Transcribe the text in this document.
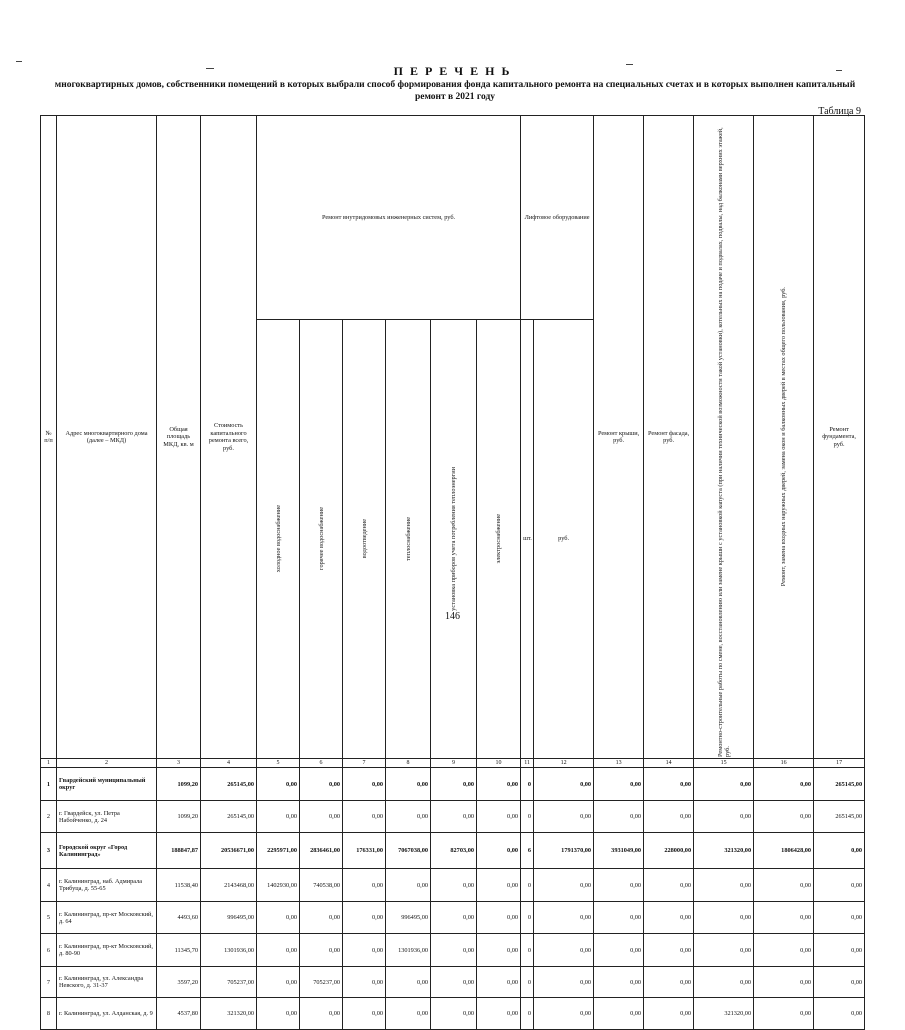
П Е Р Е Ч Е Н Ь
многоквартирных домов, собственники помещений в которых выбрали способ формирования фонда капитального ремонта на специальных счетах и в которых выполнен капитальный ремонт в 2021 году
Таблица 9
№ п/п	Адрес многоквартирного дома (далее – МКД)	Общая площадь МКД, кв. м	Стоимость капитального ремонта всего, руб.	Ремонт внутридомовых инженерных систем, руб.						Лифтовое оборудование		Ремонт крыши, руб.	Ремонт фасада, руб.	Ремонтно-строительные работы по смене, восстановлению или замене крыши с установкой капуста (при наличии технической возможности такой установки), котельных на подаче и подвалах, подвалы, над балконами верхних этажей, руб.	Ремонт, замена входных наружных дверей, замена окон и балконных дверей в местах общего пользования, руб.	Ремонт фундамента, руб.

				холодное водоснабжение	горячее водоснабжение	водоотведение	теплоснабжение	установка приборов учета потребления теплоэнергии	электроснабжение	шт.	руб.					
1	2	3	4	5	6	7	8	9	10	11	12	13	14	15	16	17
1	Гвардейский муниципальный округ	1099,20	265145,00	0,00	0,00	0,00	0,00	0,00	0,00	0	0,00	0,00	0,00	0,00	0,00	265145,00
2	г. Гвардейск, ул. Петра Набойченко, д. 24	1099,20	265145,00	0,00	0,00	0,00	0,00	0,00	0,00	0	0,00	0,00	0,00	0,00	0,00	265145,00
3	Городской округ «Город Калининград»	188847,87	20536671,00	2295971,00	2836461,00	176331,00	7067038,00	82703,00	0,00	6	1791370,00	3931049,00	228000,00	321320,00	1806428,00	0,00
4	г. Калининград, наб. Адмирала Трибуца, д. 55-65	11538,40	2143468,00	1402930,00	740538,00	0,00	0,00	0,00	0,00	0	0,00	0,00	0,00	0,00	0,00	0,00
5	г. Калининград, пр-кт Московский, д. 64	4493,60	996495,00	0,00	0,00	0,00	996495,00	0,00	0,00	0	0,00	0,00	0,00	0,00	0,00	0,00
6	г. Калининград, пр-кт Московский, д. 80-90	11345,70	1301936,00	0,00	0,00	0,00	1301936,00	0,00	0,00	0	0,00	0,00	0,00	0,00	0,00	0,00
7	г. Калининград, ул. Александра Невского, д. 31-37	3597,20	705237,00	0,00	705237,00	0,00	0,00	0,00	0,00	0	0,00	0,00	0,00	0,00	0,00	0,00
8	г. Калининград, ул. Алданская, д. 9	4537,80	321320,00	0,00	0,00	0,00	0,00	0,00	0,00	0	0,00	0,00	0,00	321320,00	0,00	0,00
146
